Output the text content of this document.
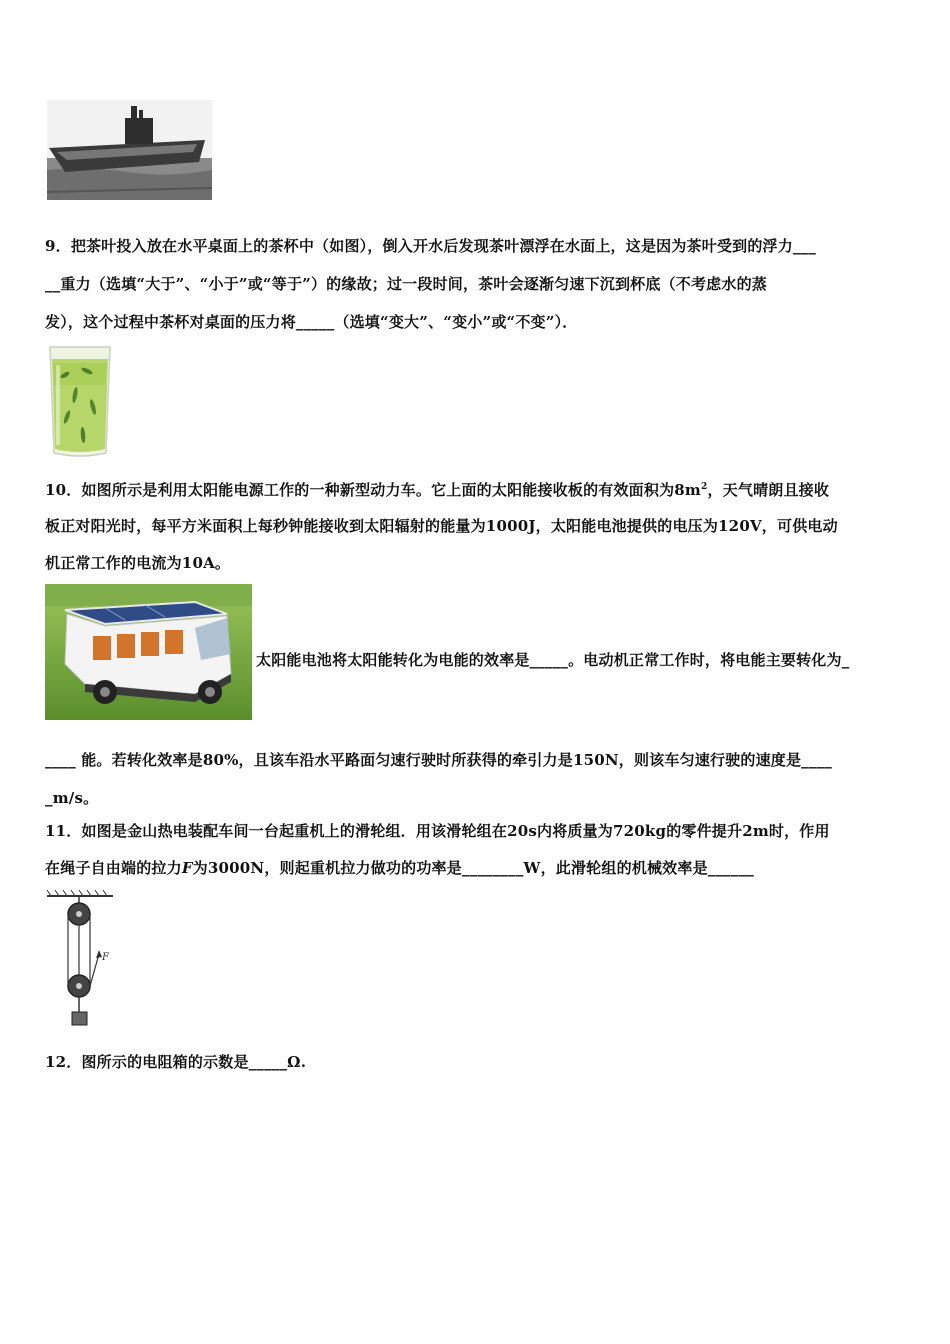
9．把茶叶投入放在水平桌面上的茶杯中（如图），倒入开水后发现茶叶漂浮在水面上，这是因为茶叶受到的浮力___
__重力（选填“大于”、“小于”或“等于”）的缘故；过一段时间，茶叶会逐渐匀速下沉到杯底（不考虑水的蒸
发），这个过程中茶杯对桌面的压力将_____（选填“变大”、“变小”或“不变”）．
10．如图所示是利用太阳能电源工作的一种新型动力车。它上面的太阳能接收板的有效面积为$8m^2$，天气晴朗且接收
板正对阳光时，每平方米面积上每秒钟能接收到太阳辐射的能量为1000J，太阳能电池提供的电压为120V，可供电动
机正常工作的电流为10A。
太阳能电池将太阳能转化为电能的效率是_____。电动机正常工作时，将电能主要转化为_
____ 能。若转化效率是80%，且该车沿水平路面匀速行驶时所获得的牵引力是150N，则该车匀速行驶的速度是____
_m/s。
11．如图是金山热电装配车间一台起重机上的滑轮组．用该滑轮组在20s内将质量为720kg的零件提升2m时，作用
在绳子自由端的拉力F为3000N，则起重机拉力做功的功率是________W，此滑轮组的机械效率是______
F
12．图所示的电阻箱的示数是_____Ω.
